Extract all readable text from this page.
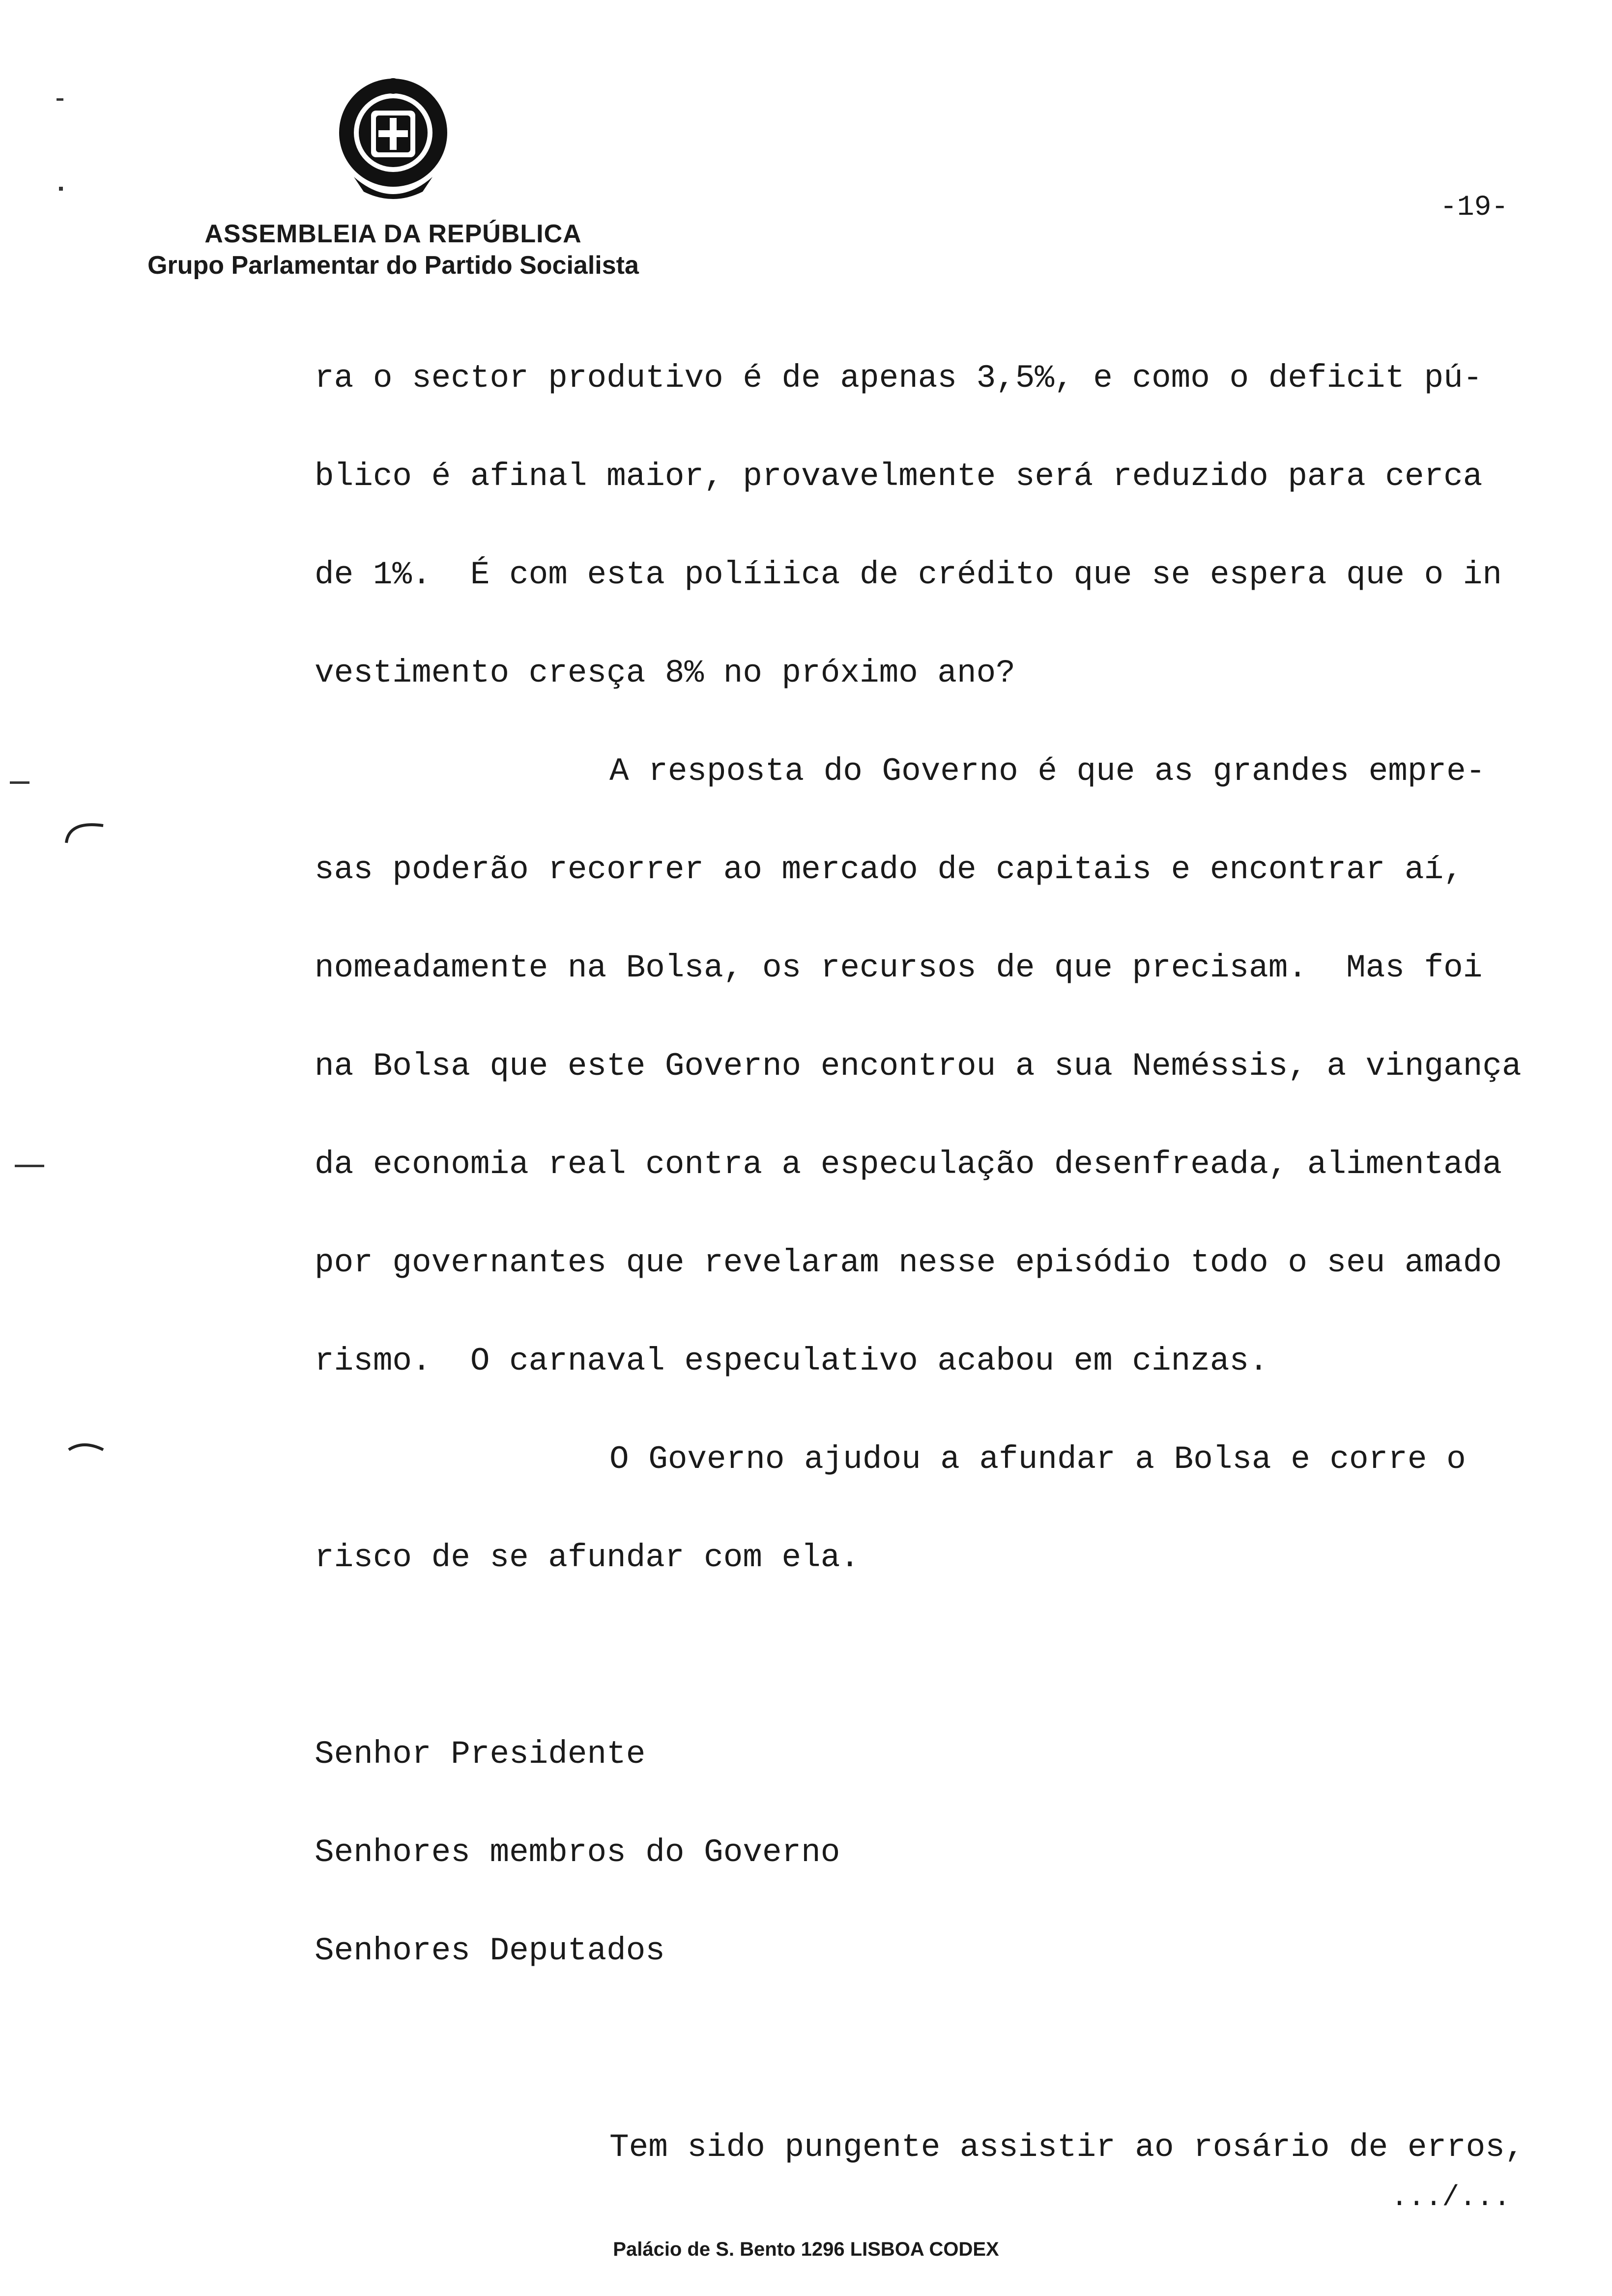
ASSEMBLEIA DA REPÚBLICA
Grupo Parlamentar do Partido Socialista
-19-
ra o sector produtivo é de apenas 3,5%, e como o deficit pú-
blico é afinal maior, provavelmente será reduzido para cerca
de 1%.  É com esta políiica de crédito que se espera que o in
vestimento cresça 8% no próximo ano?
A resposta do Governo é que as grandes empre-
sas poderão recorrer ao mercado de capitais e encontrar aí,
nomeadamente na Bolsa, os recursos de que precisam.  Mas foi
na Bolsa que este Governo encontrou a sua Neméssis, a vingança
da economia real contra a especulação desenfreada, alimentada
por governantes que revelaram nesse episódio todo o seu amado
rismo.  O carnaval especulativo acabou em cinzas.
O Governo ajudou a afundar a Bolsa e corre o
risco de se afundar com ela.
Senhor Presidente
Senhores membros do Governo
Senhores Deputados
Tem sido pungente assistir ao rosário de erros,
.../...
Palácio de S. Bento 1296 LISBOA CODEX
